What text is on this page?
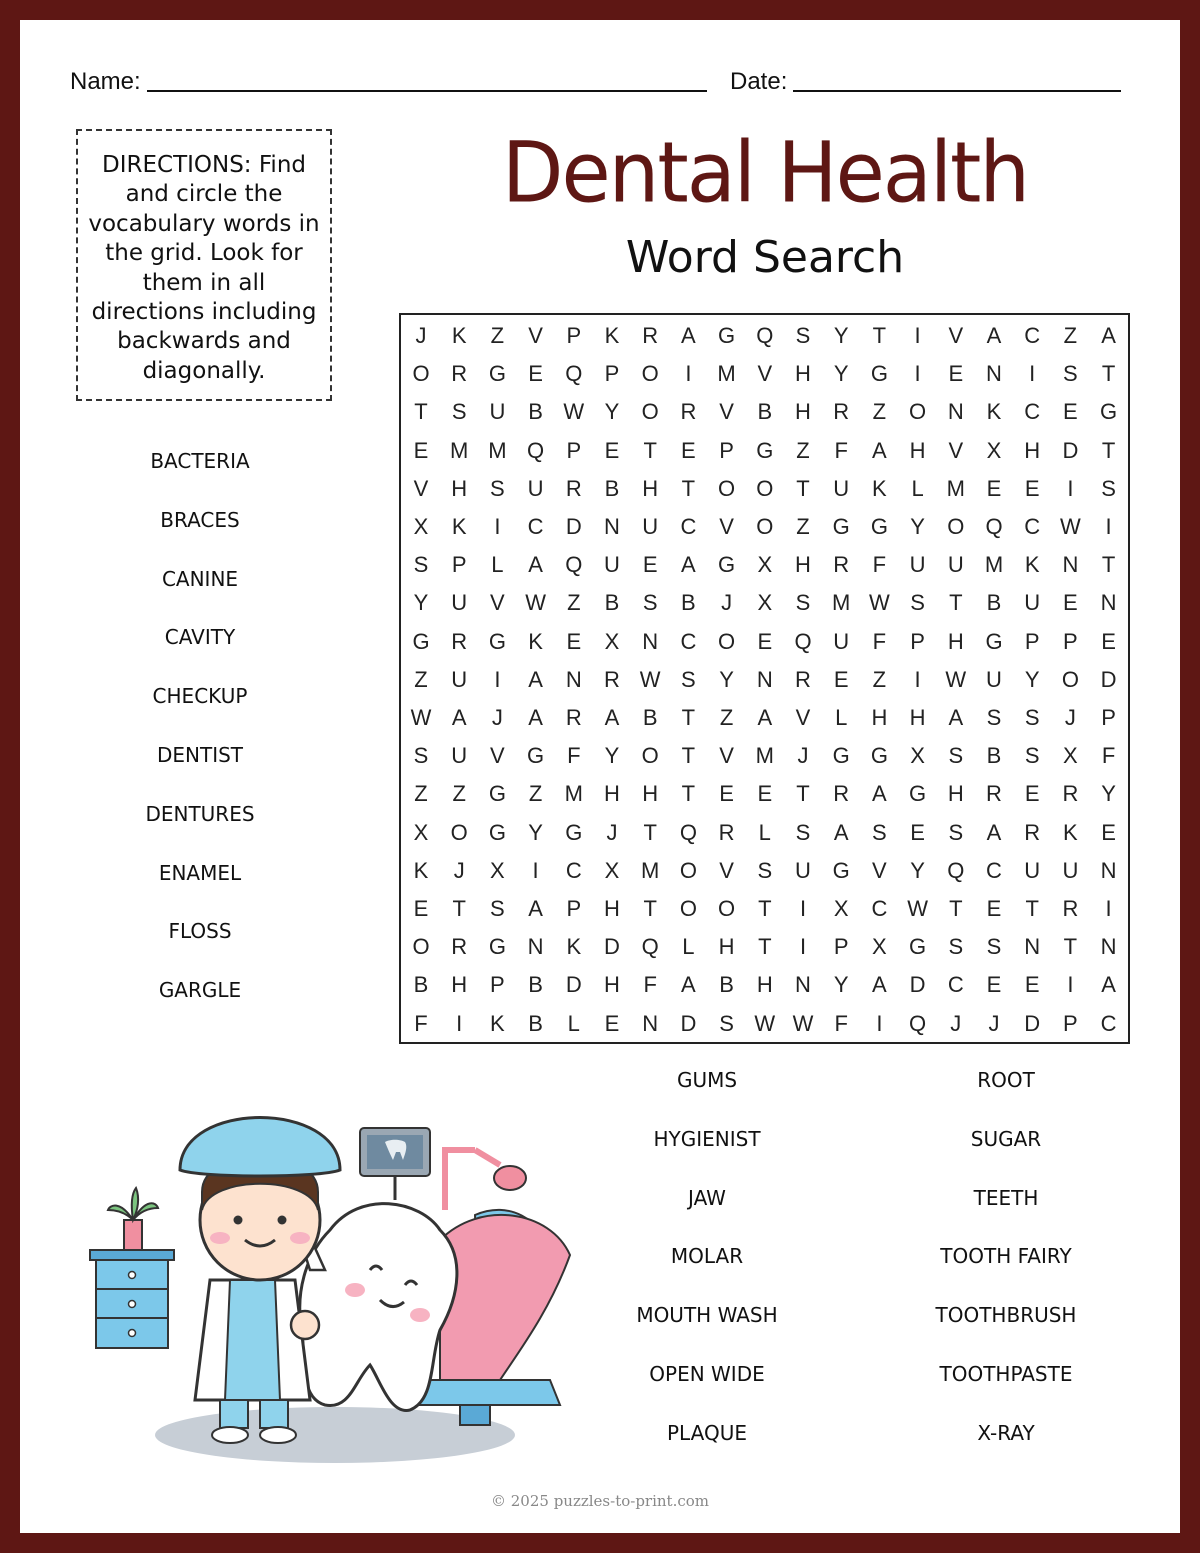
Name:	Date:
DIRECTIONS: Find and circle the vocabulary words in the grid. Look for them in all directions including backwards and diagonally.
Dental Health
Word Search
J	K	Z	V	P	K	R	A	G Q	S	Y	T	I	V	A	C	Z	A
O R G	E	Q	P	O	I	M V	H	Y	G	I	E	N	I	S	T
T	S	U	B W Y	O R	V	B	H	R	Z	O N	K	C	E	G
E M M Q	P	E	T	E	P	G	Z	F	A	H	V	X	H	D	T
V	H	S	U	R	B	H	T	O O	T	U	K	L	M E	E	I	S
X	K	I	C	D	N	U	C	V	O	Z	G G	Y	O Q C W	I
S	P	L	A	Q U	E	A	G	X	H	R	F	U	U M K	N	T
Y	U	V W Z	B	S	B	J	X	S M W S	T	B	U	E	N
G R G	K	E	X	N	C O	E	Q U	F	P	H G	P	P	E
Z	U	I	A	N	R W S	Y	N	R	E	Z	I	W U	Y	O D
W A	J	A	R	A	B	T	Z	A	V	L	H	H	A	S	S	J	P
S	U	V	G	F	Y	O	T	V M	J	G G	X	S	B	S	X	F
Z	Z	G	Z	M H	H	T	E	E	T	R	A	G H	R	E	R	Y
X	O G	Y	G	J	T	Q R	L	S	A	S	E	S	A	R	K	E
K	J	X	I	C	X M O	V	S	U G	V	Y	Q C	U	U	N
E	T	S	A	P	H	T	O O	T	I	X	C W T	E	T	R	I
O R G N	K	D Q	L	H	T	I	P	X	G	S	S	N	T	N
B	H	P	B	D	H	F	A	B	H	N	Y	A	D	C	E	E	I	A
F	I	K	B	L	E	N	D	S W W F	I	Q	J	J	D	P	C
BACTERIA
BRACES
CANINE
CAVITY
CHECKUP
DENTIST
DENTURES
ENAMEL
FLOSS
GARGLE
GUMS
HYGIENIST
JAW
MOLAR
MOUTH WASH
OPEN WIDE
PLAQUE
ROOT
SUGAR
TEETH
TOOTH FAIRY
TOOTHBRUSH
TOOTHPASTE
X-RAY
© 2025 puzzles-to-print.com
